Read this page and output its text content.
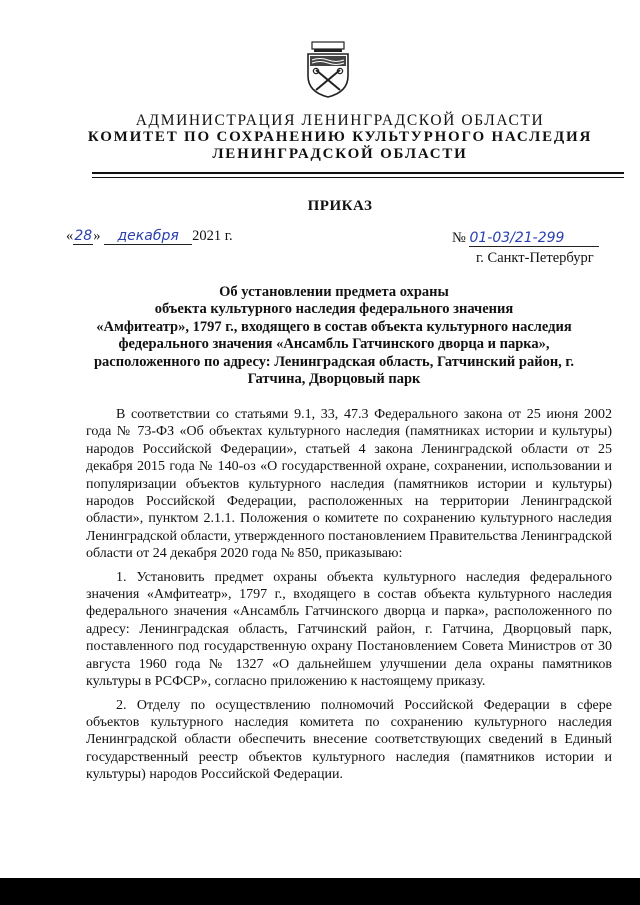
АДМИНИСТРАЦИЯ ЛЕНИНГРАДСКОЙ ОБЛАСТИ
КОМИТЕТ ПО СОХРАНЕНИЮ КУЛЬТУРНОГО НАСЛЕДИЯ
ЛЕНИНГРАДСКОЙ ОБЛАСТИ
ПРИКАЗ
«28» декабря 2021 г.	№ 01-03/21-299
г. Санкт-Петербург
Об установлении предмета охраны
объекта культурного наследия федерального значения
«Амфитеатр», 1797 г., входящего в состав объекта культурного наследия
федерального значения «Ансамбль Гатчинского дворца и парка»,
расположенного по адресу: Ленинградская область, Гатчинский район, г.
Гатчина, Дворцовый парк

В соответствии со статьями 9.1, 33, 47.3 Федерального закона от 25 июня 2002 года № 73-ФЗ «Об объектах культурного наследия (памятниках истории и культуры) народов Российской Федерации», статьей 4 закона Ленинградской области от 25 декабря 2015 года № 140-оз «О государственной охране, сохранении, использовании и популяризации объектов культурного наследия (памятников истории и культуры) народов Российской Федерации, расположенных на территории Ленинградской области», пунктом 2.1.1. Положения о комитете по сохранению культурного наследия Ленинградской области, утвержденного постановлением Правительства Ленинградской области от 24 декабря 2020 года № 850, приказываю:

1. Установить предмет охраны объекта культурного наследия федерального значения «Амфитеатр», 1797 г., входящего в состав объекта культурного наследия федерального значения «Ансамбль Гатчинского дворца и парка», расположенного по адресу: Ленинградская область, Гатчинский район, г. Гатчина, Дворцовый парк, поставленного под государственную охрану Постановлением Совета Министров от 30 августа 1960 года № 1327 «О дальнейшем улучшении дела охраны памятников культуры в РСФСР», согласно приложению к настоящему приказу.

2. Отделу по осуществлению полномочий Российской Федерации в сфере объектов культурного наследия комитета по сохранению культурного наследия Ленинградской области обеспечить внесение соответствующих сведений в Единый государственный реестр объектов культурного наследия (памятников истории и культуры) народов Российской Федерации.
